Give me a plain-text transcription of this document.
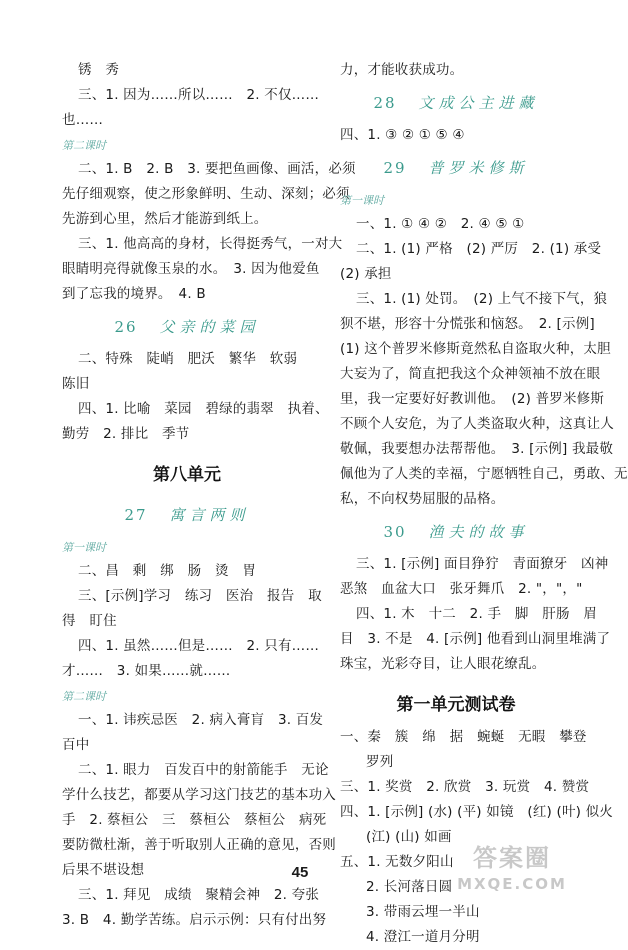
锈　秀
三、1. 因为……所以……　2. 不仅……
也……
第二课时
二、1. B　2. B　3. 要把鱼画像、画活，必须
先仔细观察，使之形象鲜明、生动、深刻；必须
先游到心里，然后才能游到纸上。
三、1. 他高高的身材，长得挺秀气，一对大
眼睛明亮得就像玉泉的水。　3. 因为他爱鱼
到了忘我的境界。　4. B
26 父亲的菜园
二、特殊　陡峭　肥沃　繁华　软弱
陈旧
四、1. 比喻　菜园　碧绿的翡翠　执着、
勤劳　2. 排比　季节
第八单元
27 寓言两则
第一课时
二、昌　剩　绑　肠　烫　胃
三、[示例]学习　练习　医治　报告　取
得　盯住
四、1. 虽然……但是……　2. 只有……
才……　3. 如果……就……
第二课时
一、1. 讳疾忌医　2. 病入膏肓　3. 百发
百中
二、1. 眼力　百发百中的射箭能手　无论
学什么技艺，都要从学习这门技艺的基本功入
手　2. 蔡桓公　三　蔡桓公　蔡桓公　病死
要防微杜渐，善于听取别人正确的意见，否则
后果不堪设想
三、1. 拜见　成绩　聚精会神　2. 夸张
3. B　4. 勤学苦练。启示示例：只有付出努
力，才能收获成功。
28 文成公主进藏
四、1. ③ ② ① ⑤ ④
29 普罗米修斯
第一课时
一、1. ① ④ ②　2. ④ ⑤ ①
二、1. (1) 严格　(2) 严厉　2. (1) 承受
(2) 承担
三、1. (1) 处罚。　(2) 上气不接下气，狼
狈不堪，形容十分慌张和恼怒。　2. [示例]
(1) 这个普罗米修斯竟然私自盗取火种，太胆
大妄为了，简直把我这个众神领袖不放在眼
里，我一定要好好教训他。　(2) 普罗米修斯
不顾个人安危，为了人类盗取火种，这真让人
敬佩，我要想办法帮帮他。　3. [示例] 我最敬
佩他为了人类的幸福，宁愿牺牲自己，勇敢、无
私，不向权势屈服的品格。
30 渔夫的故事
三、1. [示例] 面目狰狞　青面獠牙　凶神
恶煞　血盆大口　张牙舞爪　2. "，"，"
四、1. 木　十二　2. 手　脚　肝肠　眉
目　3. 不是　4. [示例] 他看到山洞里堆满了
珠宝，光彩夺目，让人眼花缭乱。
第一单元测试卷
一、秦　簇　绵　据　蜿蜒　无暇　攀登
罗列
三、1. 奖赏　2. 欣赏　3. 玩赏　4. 赞赏
四、1. [示例] (水) (平) 如镜　(红) (叶) 似火
(江) (山) 如画
五、1. 无数夕阳山
2. 长河落日圆
3. 带雨云埋一半山
4. 澄江一道月分明
45
答案圈
MXQE.COM
